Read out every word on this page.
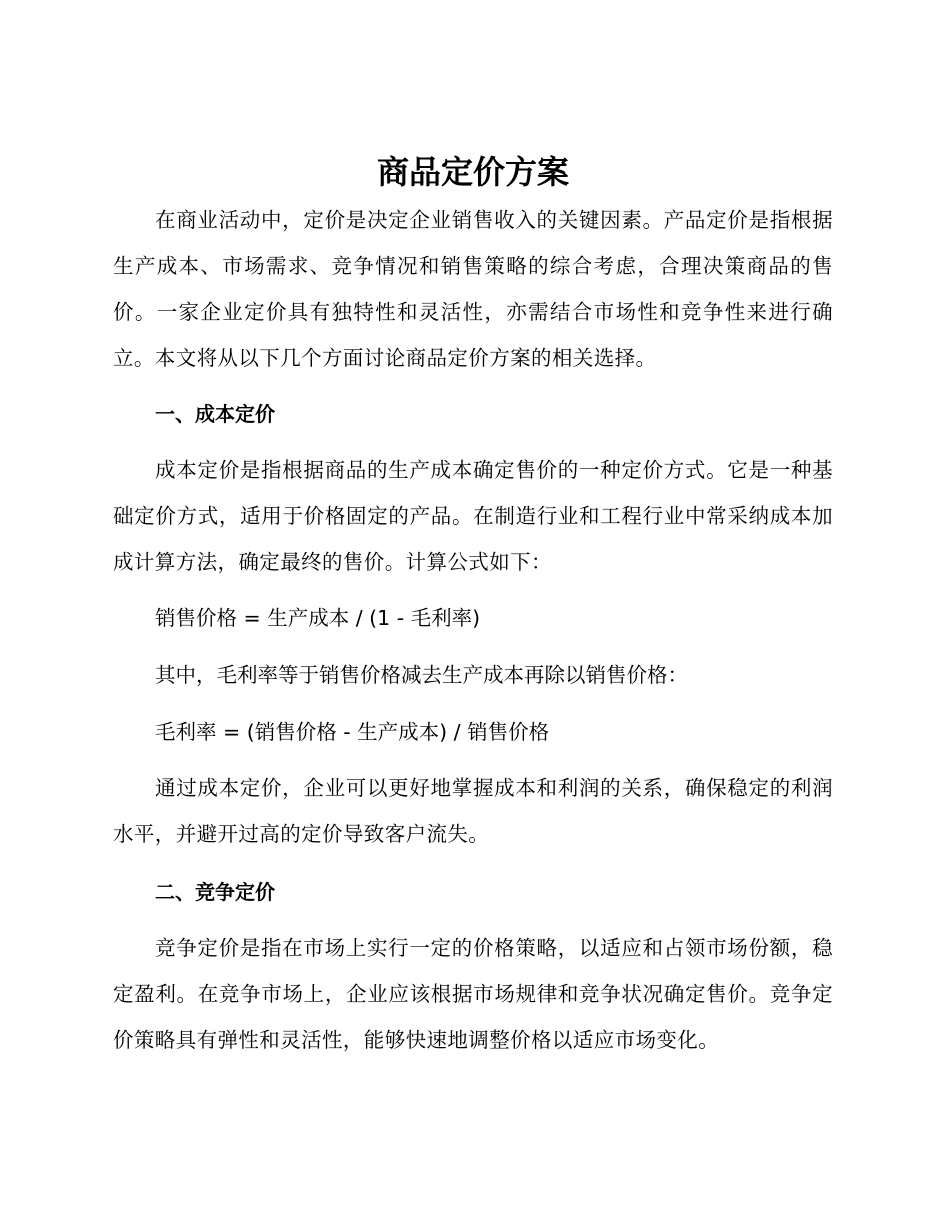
商品定价方案

在商业活动中，定价是决定企业销售收入的关键因素。产品定价是指根据生产成本、市场需求、竞争情况和销售策略的综合考虑，合理决策商品的售价。一家企业定价具有独特性和灵活性，亦需结合市场性和竞争性来进行确立。本文将从以下几个方面讨论商品定价方案的相关选择。

一、成本定价

成本定价是指根据商品的生产成本确定售价的一种定价方式。它是一种基础定价方式，适用于价格固定的产品。在制造行业和工程行业中常采纳成本加成计算方法，确定最终的售价。计算公式如下：

销售价格 = 生产成本 / (1 - 毛利率)

其中，毛利率等于销售价格减去生产成本再除以销售价格：

毛利率 = (销售价格 - 生产成本) / 销售价格

通过成本定价，企业可以更好地掌握成本和利润的关系，确保稳定的利润水平，并避开过高的定价导致客户流失。

二、竞争定价

竞争定价是指在市场上实行一定的价格策略，以适应和占领市场份额，稳定盈利。在竞争市场上，企业应该根据市场规律和竞争状况确定售价。竞争定价策略具有弹性和灵活性，能够快速地调整价格以适应市场变化。
